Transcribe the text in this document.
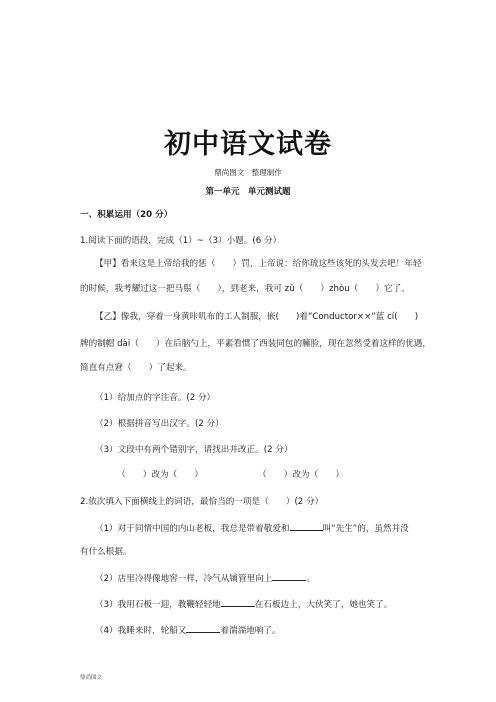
初中语文试卷
鼎尚图文　整理制作
第一单元　单元测试题
一、积累运用（20 分）
1.阅读下面的语段，完成（1）~（3）小题。(6 分）
【甲】看来这是上帝给我的惩（　　）罚，上帝说：给你琉这些该死的头发去吧！年轻
的时候，我考耀过这一把马鬃（　　），到老来，我可 zǔ（　　）zhòu（　　）它了。
【乙】像我，穿着一身黄咔叽布的工人制服，嵌(　　)着“Conductor××”蓝 cí(　　)
牌的制帽 dài（　　）在后脑勺上，平素看惯了西装同包的臃脸，现在忽然受着这样的优遇，
简直有点窘（　　）了起来。
（1）给加点的字注音。(2 分）
（2）根据拼音写出汉字。(2 分）
（3）文段中有两个错别字，请找出并改正。(2 分）
（　　）改为（　　）	（　　）改为（　　）
2.依次填入下面横线上的词语，最恰当的一项是（　　）(2 分）
（1）对于同情中国的内山老板，我总是带着敬爱和	叫“先生”的，虽然并没
有什么根据。
（2）店里冷得像地窖一样，冷气从铺管里向上	。
（3）我用石板一迎，教鞭轻轻地	在石板边上，大伙笑了，她也笑了。
（4）我睡来时，轮船又	着湍湍地响了。
鼎尚图文
